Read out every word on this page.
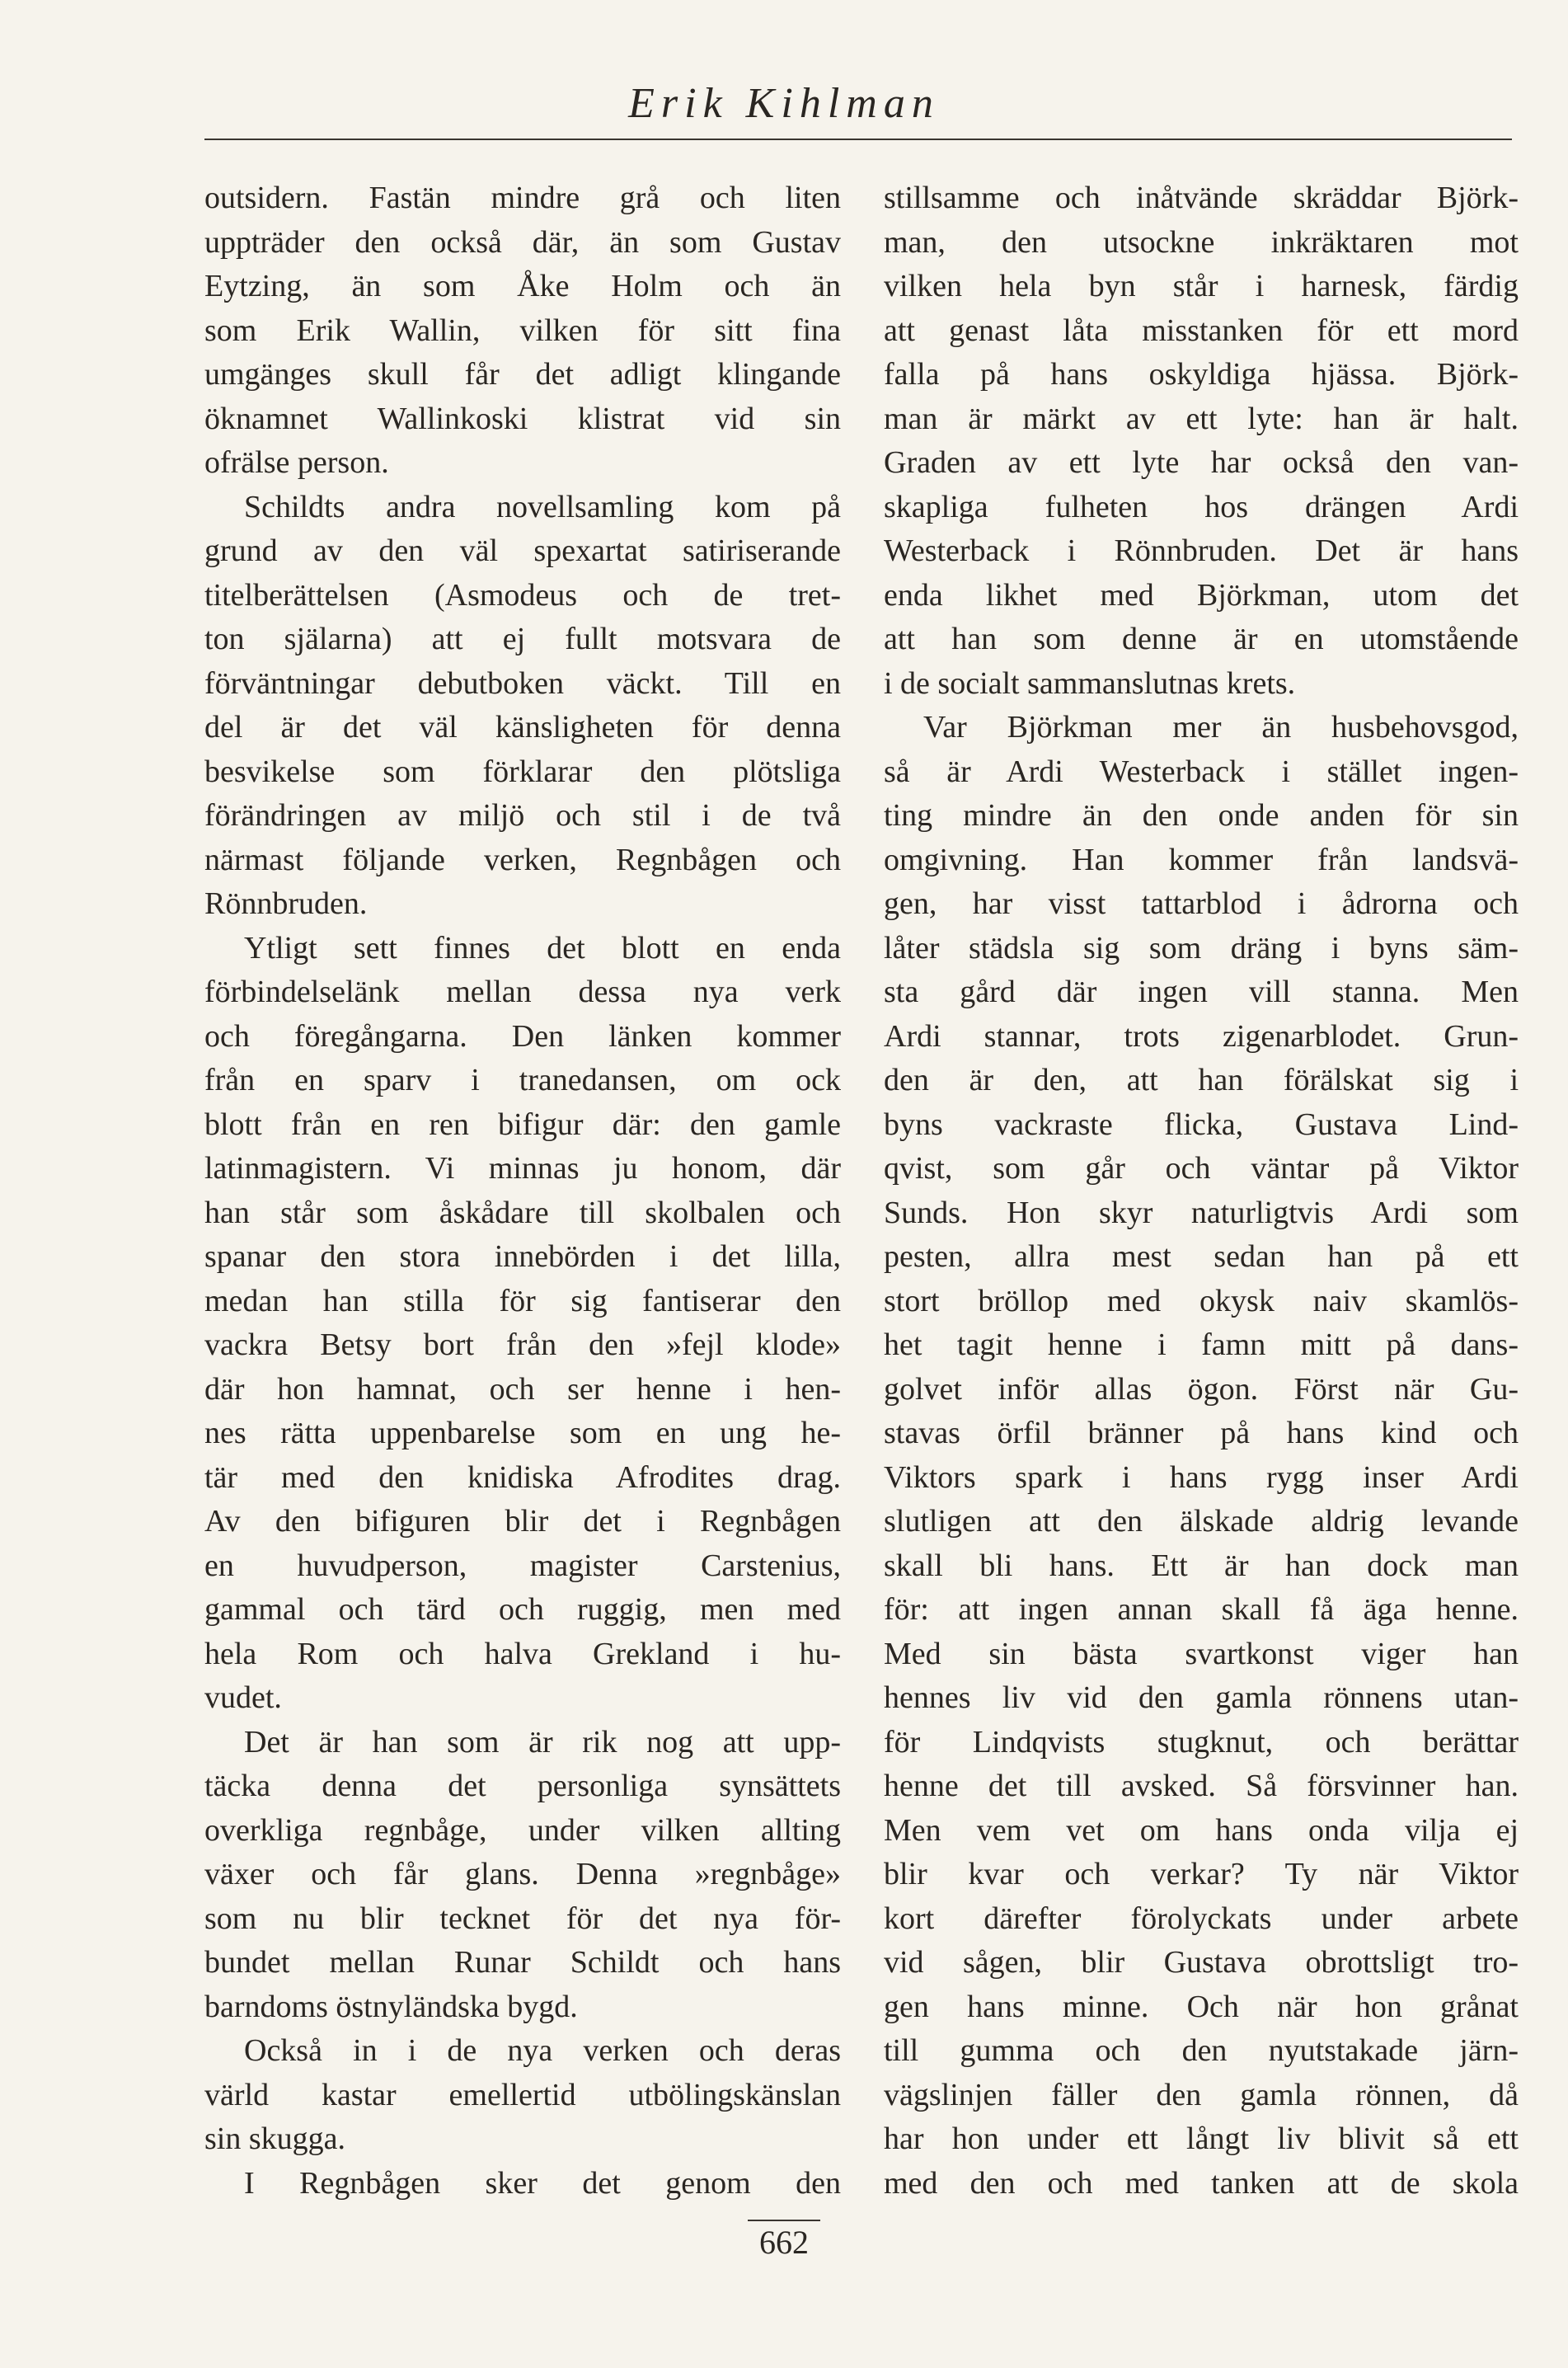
Erik Kihlman
outsidern. Fastän mindre grå och liten
uppträder den också där, än som Gustav
Eytzing, än som Åke Holm och än
som Erik Wallin, vilken för sitt fina
umgänges skull får det adligt klingande
öknamnet Wallinkoski klistrat vid sin
ofrälse person.
Schildts andra novellsamling kom på
grund av den väl spexartat satiriserande
titelberättelsen (Asmodeus och de tret-
ton själarna) att ej fullt motsvara de
förväntningar debutboken väckt. Till en
del är det väl känsligheten för denna
besvikelse som förklarar den plötsliga
förändringen av miljö och stil i de två
närmast följande verken, Regnbågen och
Rönnbruden.
Ytligt sett finnes det blott en enda
förbindelselänk mellan dessa nya verk
och föregångarna. Den länken kommer
från en sparv i tranedansen, om ock
blott från en ren bifigur där: den gamle
latinmagistern. Vi minnas ju honom, där
han står som åskådare till skolbalen och
spanar den stora innebörden i det lilla,
medan han stilla för sig fantiserar den
vackra Betsy bort från den »fejl klode»
där hon hamnat, och ser henne i hen-
nes rätta uppenbarelse som en ung he-
tär med den knidiska Afrodites drag.
Av den bifiguren blir det i Regnbågen
en huvudperson, magister Carstenius,
gammal och tärd och ruggig, men med
hela Rom och halva Grekland i hu-
vudet.
Det är han som är rik nog att upp-
täcka denna det personliga synsättets
overkliga regnbåge, under vilken allting
växer och får glans. Denna »regnbåge»
som nu blir tecknet för det nya för-
bundet mellan Runar Schildt och hans
barndoms östnyländska bygd.
Också in i de nya verken och deras
värld kastar emellertid utbölingskänslan
sin skugga.
I Regnbågen sker det genom den
stillsamme och inåtvände skräddar Björk-
man, den utsockne inkräktaren mot
vilken hela byn står i harnesk, färdig
att genast låta misstanken för ett mord
falla på hans oskyldiga hjässa. Björk-
man är märkt av ett lyte: han är halt.
Graden av ett lyte har också den van-
skapliga fulheten hos drängen Ardi
Westerback i Rönnbruden. Det är hans
enda likhet med Björkman, utom det
att han som denne är en utomstående
i de socialt sammanslutnas krets.
Var Björkman mer än husbehovsgod,
så är Ardi Westerback i stället ingen-
ting mindre än den onde anden för sin
omgivning. Han kommer från landsvä-
gen, har visst tattarblod i ådrorna och
låter städsla sig som dräng i byns säm-
sta gård där ingen vill stanna. Men
Ardi stannar, trots zigenarblodet. Grun-
den är den, att han förälskat sig i
byns vackraste flicka, Gustava Lind-
qvist, som går och väntar på Viktor
Sunds. Hon skyr naturligtvis Ardi som
pesten, allra mest sedan han på ett
stort bröllop med okysk naiv skamlös-
het tagit henne i famn mitt på dans-
golvet inför allas ögon. Först när Gu-
stavas örfil bränner på hans kind och
Viktors spark i hans rygg inser Ardi
slutligen att den älskade aldrig levande
skall bli hans. Ett är han dock man
för: att ingen annan skall få äga henne.
Med sin bästa svartkonst viger han
hennes liv vid den gamla rönnens utan-
för Lindqvists stugknut, och berättar
henne det till avsked. Så försvinner han.
Men vem vet om hans onda vilja ej
blir kvar och verkar? Ty när Viktor
kort därefter förolyckats under arbete
vid sågen, blir Gustava obrottsligt tro-
gen hans minne. Och när hon grånat
till gumma och den nyutstakade järn-
vägslinjen fäller den gamla rönnen, då
har hon under ett långt liv blivit så ett
med den och med tanken att de skola
662
